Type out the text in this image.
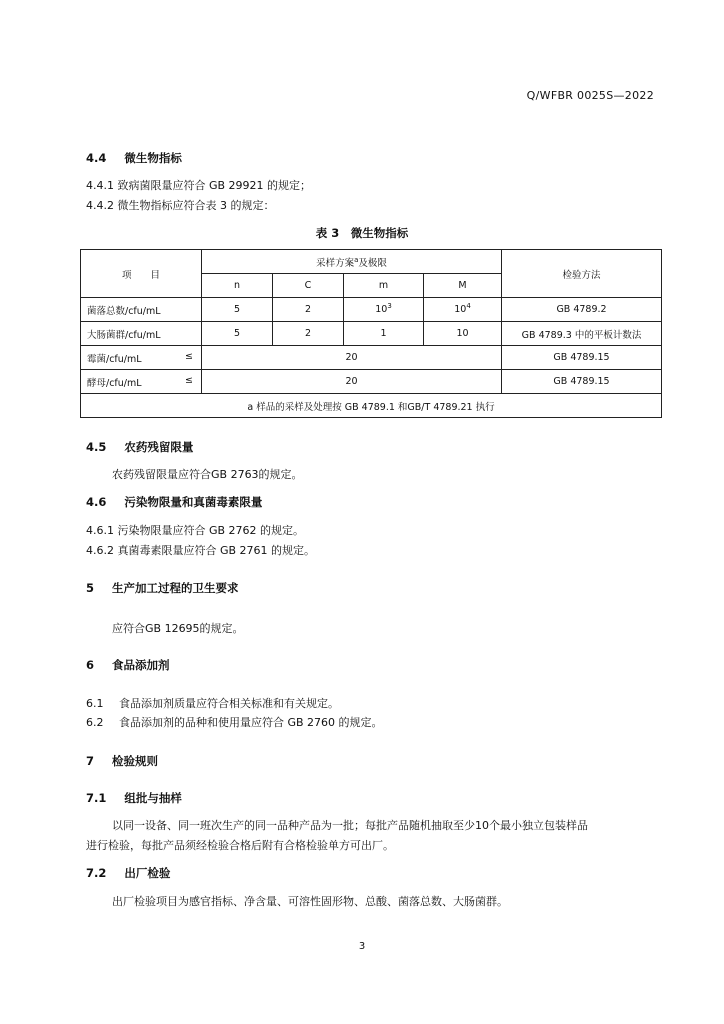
Q/WFBR 0025S—2022
4.4 微生物指标
4.4.1 致病菌限量应符合 GB 29921 的规定；
4.4.2 微生物指标应符合表 3 的规定：
表 3　微生物指标
项　　目	采样方案$^a$及极限				检验方法
	n	C	m	M	
菌落总数/cfu/mL	5	2	$10^3$	$10^4$	GB 4789.2
大肠菌群/cfu/mL	5	2	1	10	GB 4789.3 中的平板计数法
霉菌/cfu/mL ≤	20				GB 4789.15
酵母/cfu/mL ≤	20				GB 4789.15
a 样品的采样及处理按 GB 4789.1 和GB/T 4789.21 执行					
4.5 农药残留限量
农药残留限量应符合GB 2763的规定。
4.6 污染物限量和真菌毒素限量
4.6.1 污染物限量应符合 GB 2762 的规定。
4.6.2 真菌毒素限量应符合 GB 2761 的规定。
5 生产加工过程的卫生要求
应符合GB 12695的规定。
6 食品添加剂
6.1 食品添加剂质量应符合相关标准和有关规定。
6.2 食品添加剂的品种和使用量应符合 GB 2760 的规定。
7 检验规则
7.1 组批与抽样
以同一设备、同一班次生产的同一品种产品为一批；每批产品随机抽取至少10个最小独立包装样品
进行检验，每批产品须经检验合格后附有合格检验单方可出厂。
7.2 出厂检验
出厂检验项目为感官指标、净含量、可溶性固形物、总酸、菌落总数、大肠菌群。
3
